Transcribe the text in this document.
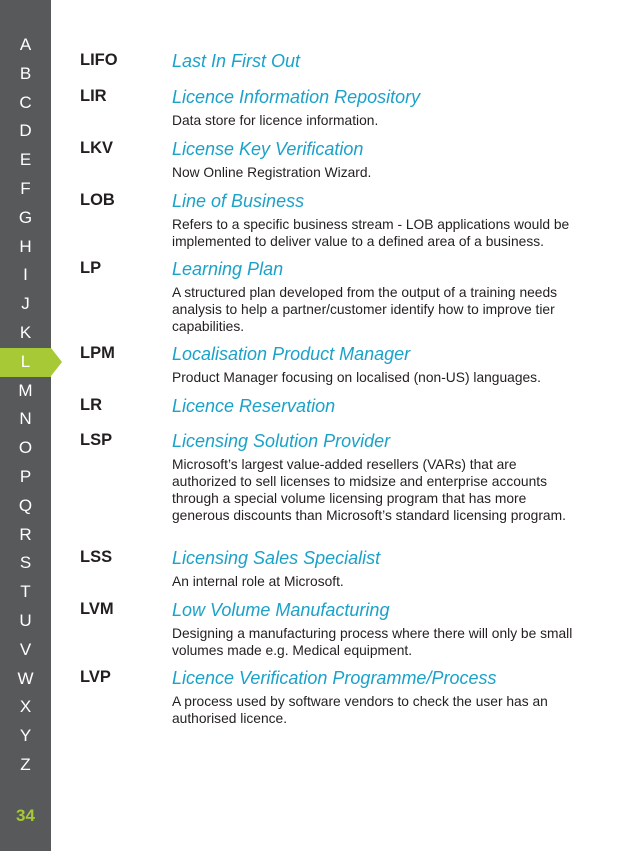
A
B
C
D
E
F
G
H
I
J
K
L
M
N
O
P
Q
R
S
T
U
V
W
X
Y
Z
34
LIFO	Last In First Out
LIR	Licence Information Repository
Data store for licence information.
LKV	License Key Verification
Now Online Registration Wizard.
LOB	Line of Business
Refers to a specific business stream - LOB applications would be implemented to deliver value to a defined area of a business.
LP	Learning Plan
A structured plan developed from the output of a training needs analysis to help a partner/customer identify how to improve tier capabilities.
LPM	Localisation Product Manager
Product Manager focusing on localised (non-US) languages.
LR	Licence Reservation
LSP	Licensing Solution Provider
Microsoft’s largest value-added resellers (VARs) that are authorized to sell licenses to midsize and enterprise accounts through a special volume licensing program that has more generous discounts than Microsoft’s standard licensing program.
LSS	Licensing Sales Specialist
An internal role at Microsoft.
LVM	Low Volume Manufacturing
Designing a manufacturing process where there will only be small volumes made e.g. Medical equipment.
LVP	Licence Verification Programme/Process
A process used by software vendors to check the user has an authorised licence.
